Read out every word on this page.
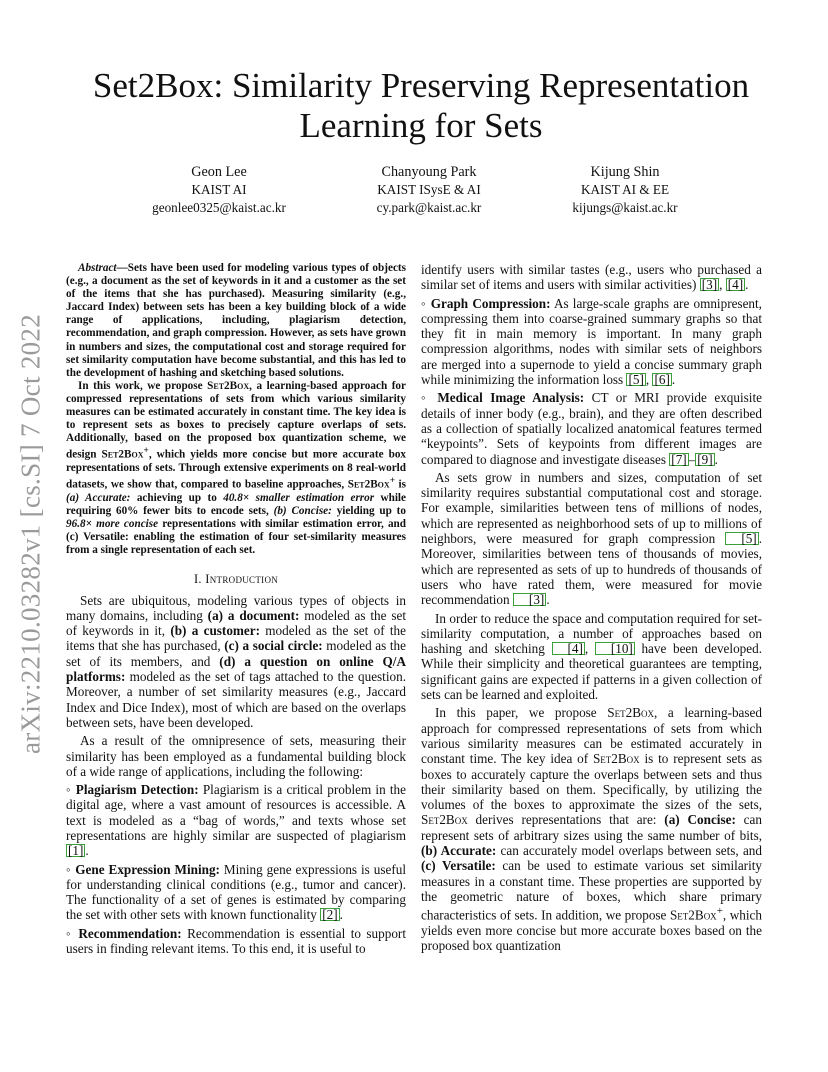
arXiv:2210.03282v1 [cs.SI] 7 Oct 2022
Set2Box: Similarity Preserving Representation
Learning for Sets
Geon Lee
KAIST AI
geonlee0325@kaist.ac.kr
Chanyoung Park
KAIST ISysE & AI
cy.park@kaist.ac.kr
Kijung Shin
KAIST AI & EE
kijungs@kaist.ac.kr

Abstract—Sets have been used for modeling various types of objects (e.g., a document as the set of keywords in it and a customer as the set of the items that she has purchased). Measuring similarity (e.g., Jaccard Index) between sets has been a key building block of a wide range of applications, including, plagiarism detection, recommendation, and graph compression. However, as sets have grown in numbers and sizes, the computational cost and storage required for set similarity computation have become substantial, and this has led to the development of hashing and sketching based solutions.

In this work, we propose Set2Box, a learning-based approach for compressed representations of sets from which various similarity measures can be estimated accurately in constant time. The key idea is to represent sets as boxes to precisely capture overlaps of sets. Additionally, based on the proposed box quantization scheme, we design Set2Box+, which yields more concise but more accurate box representations of sets. Through extensive experiments on 8 real-world datasets, we show that, compared to baseline approaches, Set2Box+ is (a) Accurate: achieving up to 40.8× smaller estimation error while requiring 60% fewer bits to encode sets, (b) Concise: yielding up to 96.8× more concise representations with similar estimation error, and (c) Versatile: enabling the estimation of four set-similarity measures from a single representation of each set.

I. Introduction

Sets are ubiquitous, modeling various types of objects in many domains, including (a) a document: modeled as the set of keywords in it, (b) a customer: modeled as the set of the items that she has purchased, (c) a social circle: modeled as the set of its members, and (d) a question on online Q/A platforms: modeled as the set of tags attached to the question. Moreover, a number of set similarity measures (e.g., Jaccard Index and Dice Index), most of which are based on the overlaps between sets, have been developed.

As a result of the omnipresence of sets, measuring their similarity has been employed as a fundamental building block of a wide range of applications, including the following:

◦ Plagiarism Detection: Plagiarism is a critical problem in the digital age, where a vast amount of resources is accessible. A text is modeled as a “bag of words,” and texts whose set representations are highly similar are suspected of plagiarism [1] .

◦ Gene Expression Mining: Mining gene expressions is useful for understanding clinical conditions (e.g., tumor and cancer). The functionality of a set of genes is estimated by comparing the set with other sets with known functionality [2] .

◦ Recommendation: Recommendation is essential to support users in finding relevant items. To this end, it is useful to

identify users with similar tastes (e.g., users who purchased a similar set of items and users with similar activities) [3] , [4] .

◦ Graph Compression: As large-scale graphs are omnipresent, compressing them into coarse-grained summary graphs so that they fit in main memory is important. In many graph compression algorithms, nodes with similar sets of neighbors are merged into a supernode to yield a concise summary graph while minimizing the information loss [5] , [6] .

◦ Medical Image Analysis: CT or MRI provide exquisite details of inner body (e.g., brain), and they are often described as a collection of spatially localized anatomical features termed “keypoints”. Sets of keypoints from different images are compared to diagnose and investigate diseases [7] – [9] .

As sets grow in numbers and sizes, computation of set similarity requires substantial computational cost and storage. For example, similarities between tens of millions of nodes, which are represented as neighborhood sets of up to millions of neighbors, were measured for graph compression [5] . Moreover, similarities between tens of thousands of movies, which are represented as sets of up to hundreds of thousands of users who have rated them, were measured for movie recommendation [3] .

In order to reduce the space and computation required for set-similarity computation, a number of approaches based on hashing and sketching [4] , [10] have been developed. While their simplicity and theoretical guarantees are tempting, significant gains are expected if patterns in a given collection of sets can be learned and exploited.

In this paper, we propose Set2Box, a learning-based approach for compressed representations of sets from which various similarity measures can be estimated accurately in constant time. The key idea of Set2Box is to represent sets as boxes to accurately capture the overlaps between sets and thus their similarity based on them. Specifically, by utilizing the volumes of the boxes to approximate the sizes of the sets, Set2Box derives representations that are: (a) Concise: can represent sets of arbitrary sizes using the same number of bits, (b) Accurate: can accurately model overlaps between sets, and (c) Versatile: can be used to estimate various set similarity measures in a constant time. These properties are supported by the geometric nature of boxes, which share primary characteristics of sets. In addition, we propose Set2Box+, which yields even more concise but more accurate boxes based on the proposed box quantization
